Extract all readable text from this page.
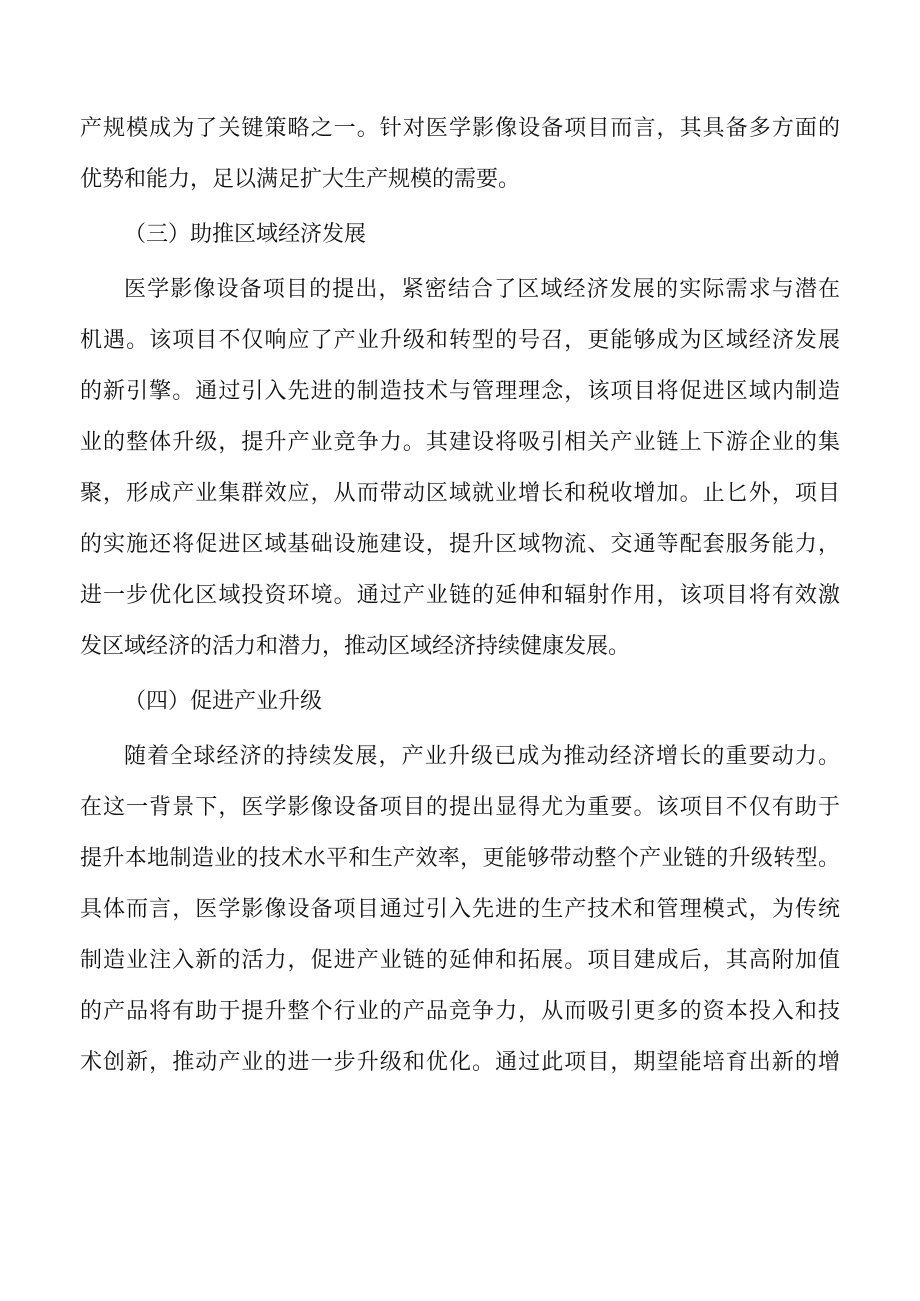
产规模成为了关键策略之一。针对医学影像设备项目而言，其具备多方面的
优势和能力，足以满足扩大生产规模的需要。
（三）助推区域经济发展
医学影像设备项目的提出，紧密结合了区域经济发展的实际需求与潜在
机遇。该项目不仅响应了产业升级和转型的号召，更能够成为区域经济发展
的新引擎。通过引入先进的制造技术与管理理念，该项目将促进区域内制造
业的整体升级，提升产业竞争力。其建设将吸引相关产业链上下游企业的集
聚，形成产业集群效应，从而带动区域就业增长和税收增加。止匕外，项目
的实施还将促进区域基础设施建设，提升区域物流、交通等配套服务能力，
进一步优化区域投资环境。通过产业链的延伸和辐射作用，该项目将有效激
发区域经济的活力和潜力，推动区域经济持续健康发展。
（四）促进产业升级
随着全球经济的持续发展，产业升级已成为推动经济增长的重要动力。
在这一背景下，医学影像设备项目的提出显得尤为重要。该项目不仅有助于
提升本地制造业的技术水平和生产效率，更能够带动整个产业链的升级转型。
具体而言，医学影像设备项目通过引入先进的生产技术和管理模式，为传统
制造业注入新的活力，促进产业链的延伸和拓展。项目建成后，其高附加值
的产品将有助于提升整个行业的产品竞争力，从而吸引更多的资本投入和技
术创新，推动产业的进一步升级和优化。通过此项目，期望能培育出新的增
